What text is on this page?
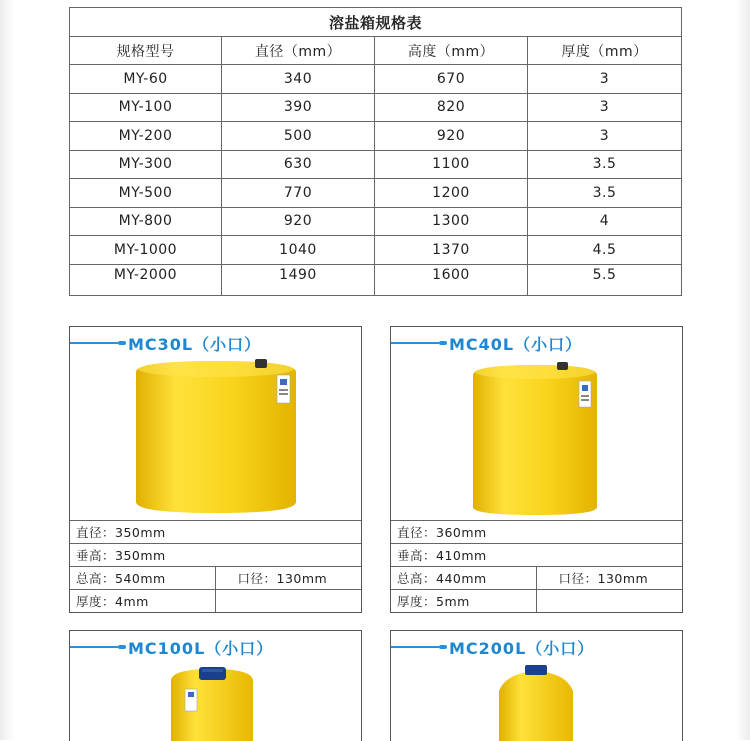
溶盐箱规格表			
规格型号	直径（mm）	高度（mm）	厚度（mm）
MY-60	340	670	3
MY-100	390	820	3
MY-200	500	920	3
MY-300	630	1100	3.5
MY-500	770	1200	3.5
MY-800	920	1300	4
MY-1000	1040	1370	4.5
MY-2000	1490	1600	5.5
MC30L（小口）
直径：350mm	
垂高：350mm	
总高：540mm	口径：130mm
厚度：4mm	
MC40L（小口）
直径：360mm	
垂高：410mm	
总高：440mm	口径：130mm
厚度：5mm	
MC100L（小口）	MC200L（小口）
